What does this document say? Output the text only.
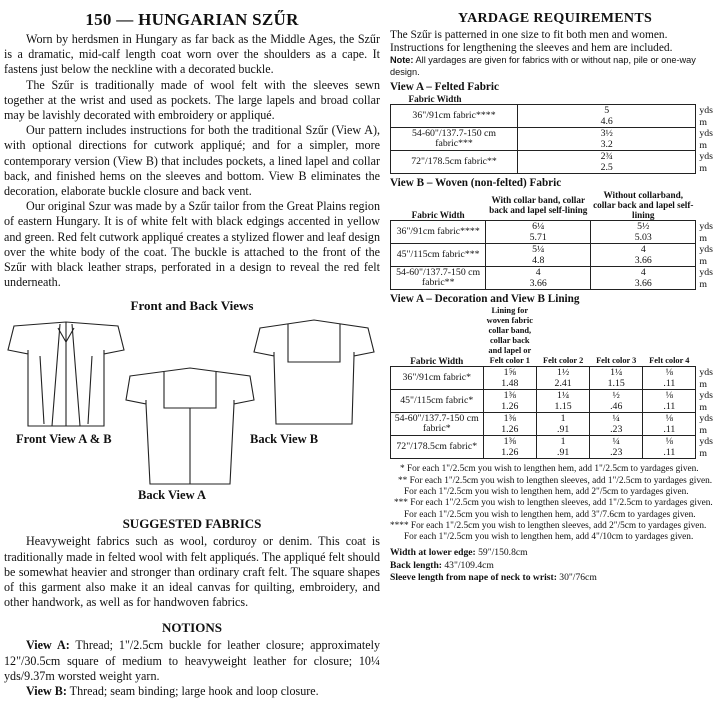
150 — HUNGARIAN SZŰR

Worn by herdsmen in Hungary as far back as the Middle Ages, the Szűr is a dramatic, mid-calf length coat worn over the shoulders as a cape. It fastens just below the neckline with a decorated buckle.

The Szűr is traditionally made of wool felt with the sleeves sewn together at the wrist and used as pockets. The large lapels and broad collar may be lavishly decorated with embroidery or appliqué.

Our pattern includes instructions for both the traditional Szűr (View A), with optional directions for cutwork appliqué; and for a simpler, more contemporary version (View B) that includes pockets, a lined lapel and collar back, and finished hems on the sleeves and bottom. View B eliminates the decoration, elaborate buckle closure and back vent.

Our original Szur was made by a Szűr tailor from the Great Plains region of eastern Hungary. It is of white felt with black edgings accented in yellow and green. Red felt cutwork appliqué creates a stylized flower and leaf design over the white body of the coat. The buckle is attached to the front of the Szűr with black leather straps, perforated in a design to reveal the red felt underneath.

Front and Back Views
Front View A & B	Back View B
Back View A
SUGGESTED FABRICS

Heavyweight fabrics such as wool, corduroy or denim. This coat is traditionally made in felted wool with felt appliqués. The appliqué felt should be somewhat heavier and stronger than ordinary craft felt. The square shapes of this garment also make it an ideal canvas for quilting, embroidery, and other handwork, as well as for handwoven fabrics.

NOTIONS

View A: Thread; 1"/2.5cm buckle for leather closure; approximately 12"/30.5cm square of medium to heavyweight leather for closure; 10¼ yds/9.37m worsted weight yarn.

View B: Thread; seam binding; large hook and loop closure.

YARDAGE REQUIREMENTS

The Szűr is patterned in one size to fit both men and women.

Instructions for lengthening the sleeves and hem are included.

Note: All yardages are given for fabrics with or without nap, pile or one-way design.

View A – Felted Fabric
Fabric Width		
36"/91cm fabric****	5	yds
	4.6	m
54-60"/137.7-150 cm fabric***	3½	yds
	3.2	m
72"/178.5cm fabric**	2¾	yds
	2.5	m
View B – Woven (non-felted) Fabric
Fabric Width	With collar band, collar back and lapel self-lining	Without collarband, collar back and lapel self-lining	
36"/91cm fabric****	6¼	5½	yds
	5.71	5.03	m
45"/115cm fabric***	5¼	4	yds
	4.8	3.66	m
54-60"/137.7-150 cm fabric**	4	4	yds
	3.66	3.66	m
View A – Decoration and View B Lining
Fabric Width	Lining for woven fabric collar band, collar back and lapel or Felt color 1	Felt color 2	Felt color 3	Felt color 4	
36"/91cm fabric*	1⅝	1½	1¼	⅛	yds
	1.48	2.41	1.15	.11	m
45"/115cm fabric*	1⅜	1¼	½	⅛	yds
	1.26	1.15	.46	.11	m
54-60"/137.7-150 cm fabric*	1⅜	1	¼	⅛	yds
	1.26	.91	.23	.11	m
72"/178.5cm fabric*	1⅜	1	¼	⅛	yds
	1.26	.91	.23	.11	m

* For each 1"/2.5cm you wish to lengthen hem, add 1"/2.5cm to yardages given.

** For each 1"/2.5cm you wish to lengthen sleeves, add 1"/2.5cm to yardages given. For each 1"/2.5cm you wish to lengthen hem, add 2"/5cm to yardages given.

*** For each 1"/2.5cm you wish to lengthen sleeves, add 1"/2.5cm to yardages given. For each 1"/2.5cm you wish to lengthen hem, add 3"/7.6cm to yardages given.

**** For each 1"/2.5cm you wish to lengthen sleeves, add 2"/5cm to yardages given. For each 1"/2.5cm you wish to lengthen hem, add 4"/10cm to yardages given.

Width at lower edge: 59"/150.8cm
Back length: 43"/109.4cm
Sleeve length from nape of neck to wrist: 30"/76cm
